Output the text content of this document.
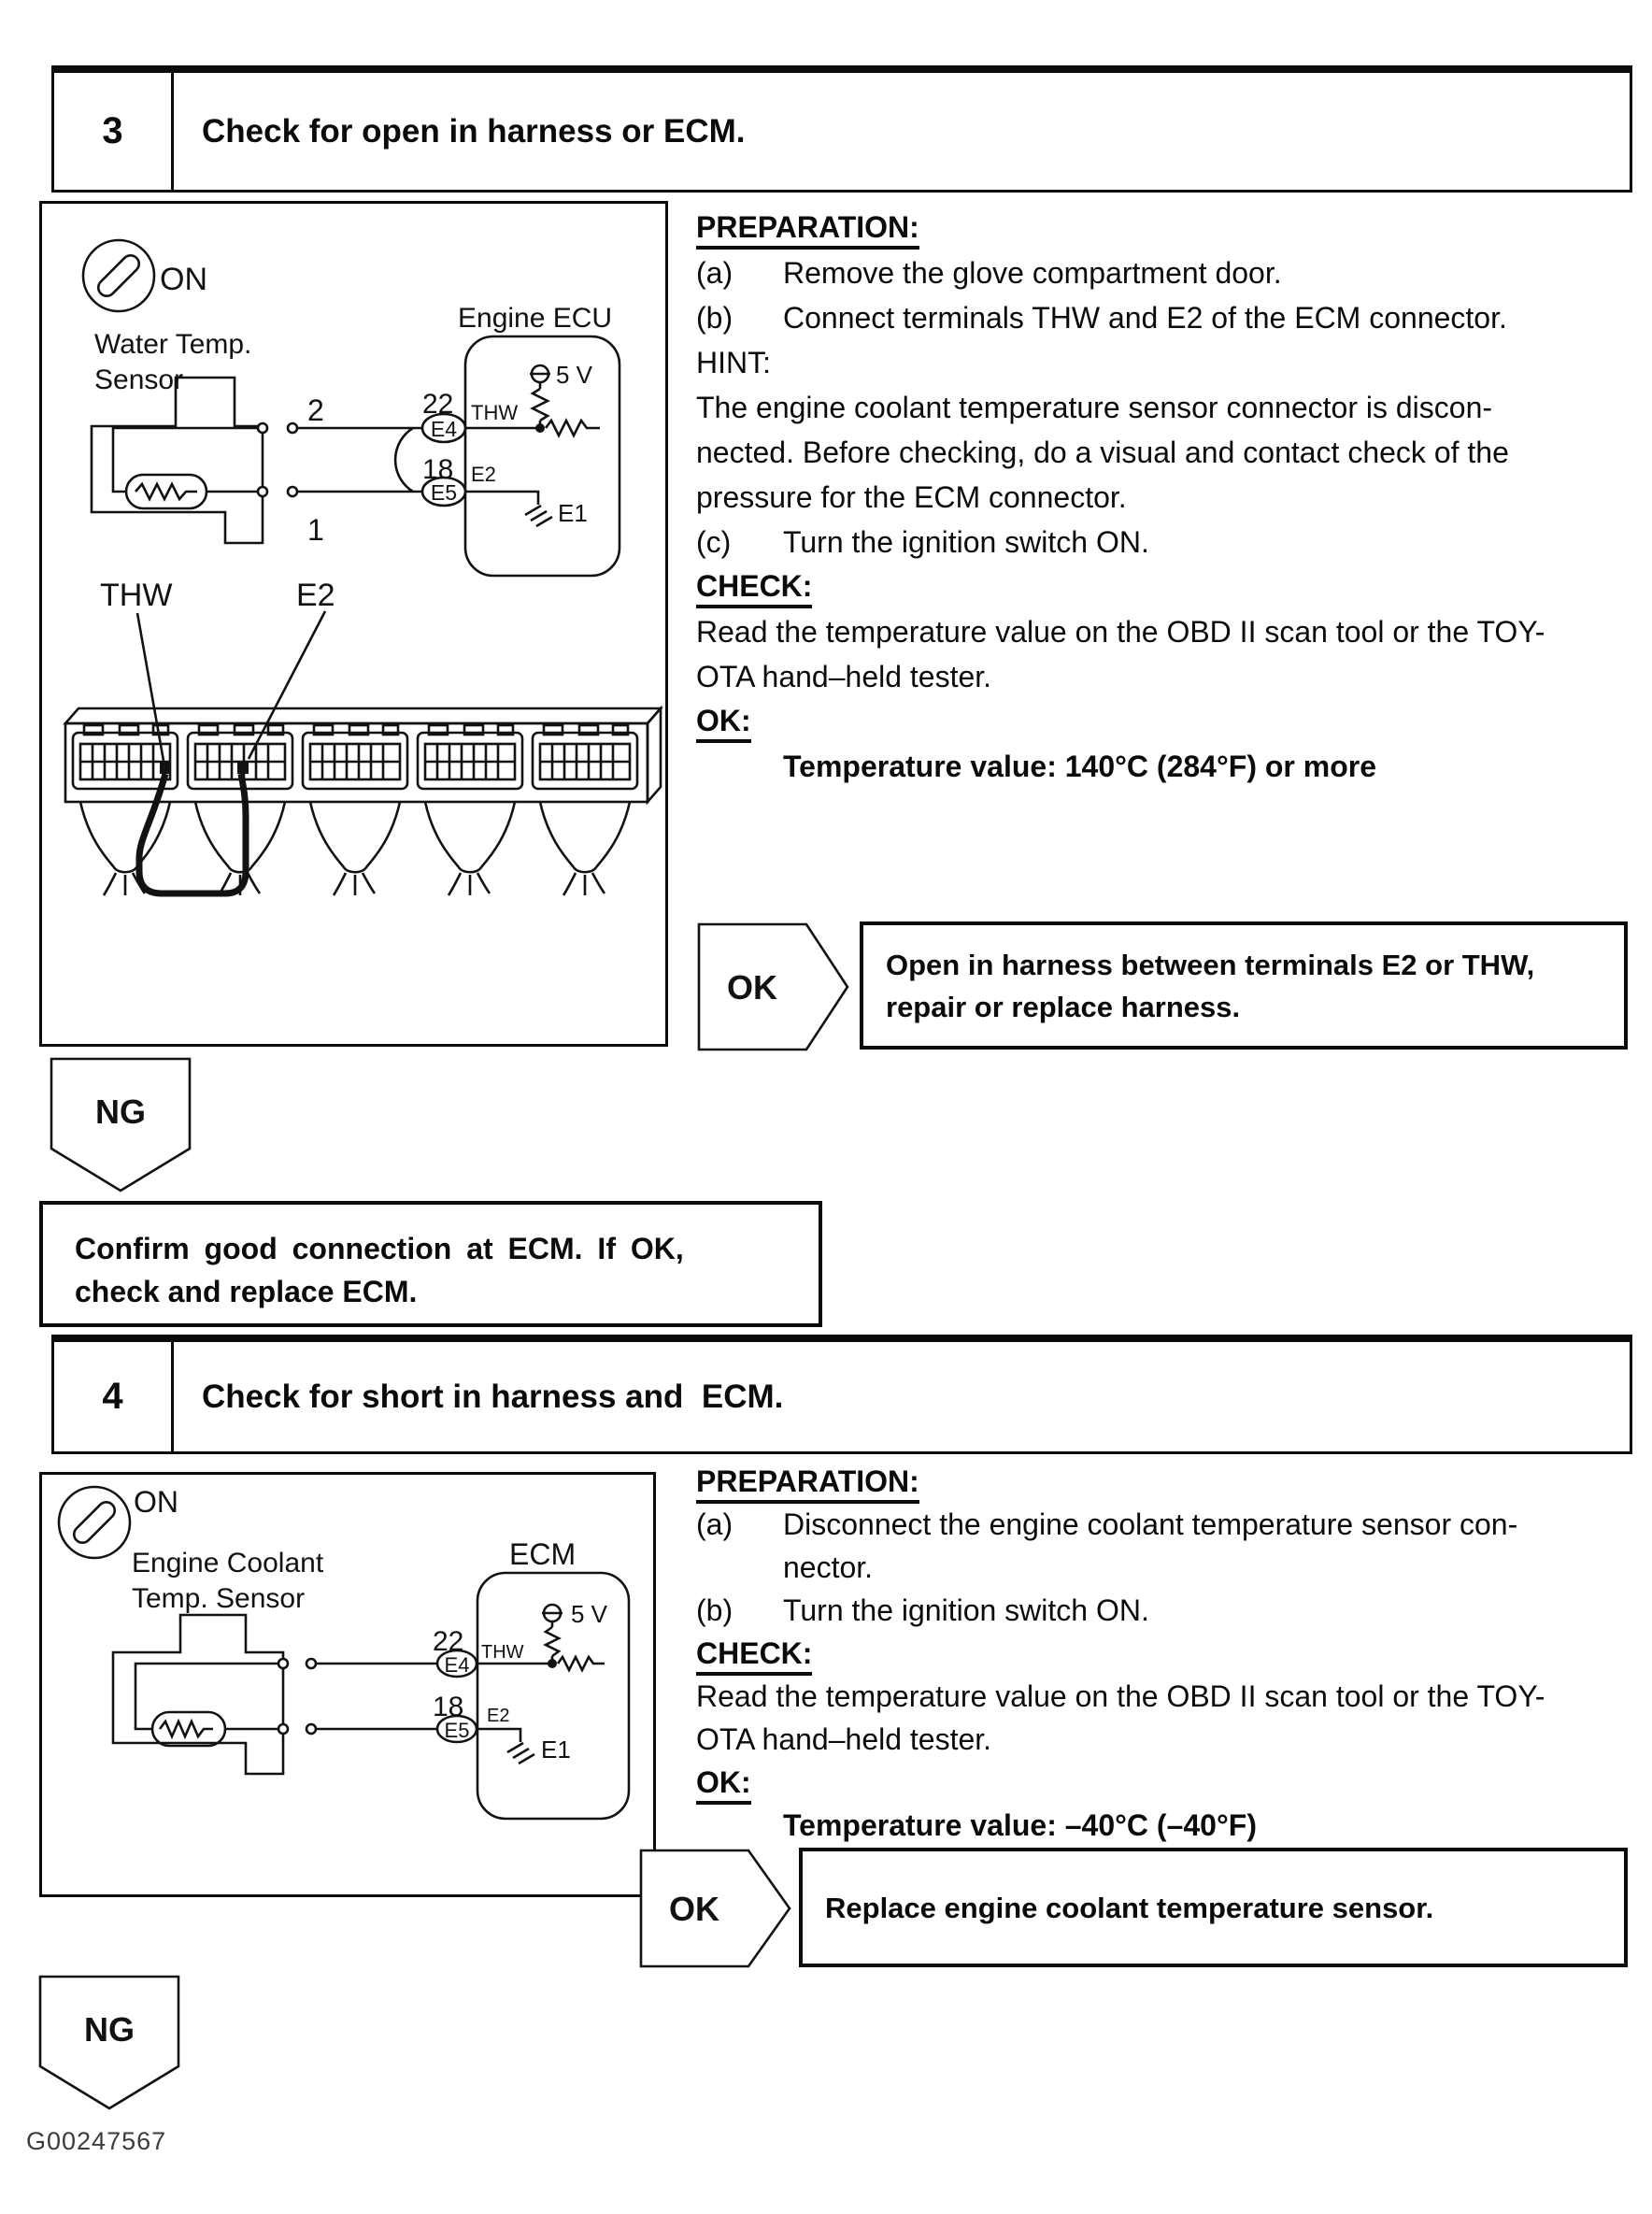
3	Check for open in harness or ECM.
ON
Water Temp.
Sensor
2
1
Engine ECU
22
E4
THW
18
E5
E2
5 V
E1
THW	E2
PREPARATION:
(a)	Remove the glove compartment door.
(b)	Connect terminals THW and E2 of the ECM connector.
HINT:
The engine coolant temperature sensor connector is discon-
nected. Before checking, do a visual and contact check of the
pressure for the ECM connector.
(c)	Turn the ignition switch ON.
CHECK:
Read the temperature value on the OBD II scan tool or the TOY-
OTA hand–held tester.
OK:
Temperature value: 140°C (284°F) or more
OK
Open in harness between terminals E2 or THW,
repair or replace harness.
NG
Confirm good connection at ECM. If OK,
check and replace ECM.
4	Check for short in harness and  ECM.
ON
Engine Coolant
Temp. Sensor
ECM
22
E4
THW
18
E5
E2
5 V
E1
PREPARATION:
(a)	Disconnect the engine coolant temperature sensor con-
nector.
(b)	Turn the ignition switch ON.
CHECK:
Read the temperature value on the OBD II scan tool or the TOY-
OTA hand–held tester.
OK:
Temperature value: –40°C (–40°F)
OK	Replace engine coolant temperature sensor.
NG
G00247567
